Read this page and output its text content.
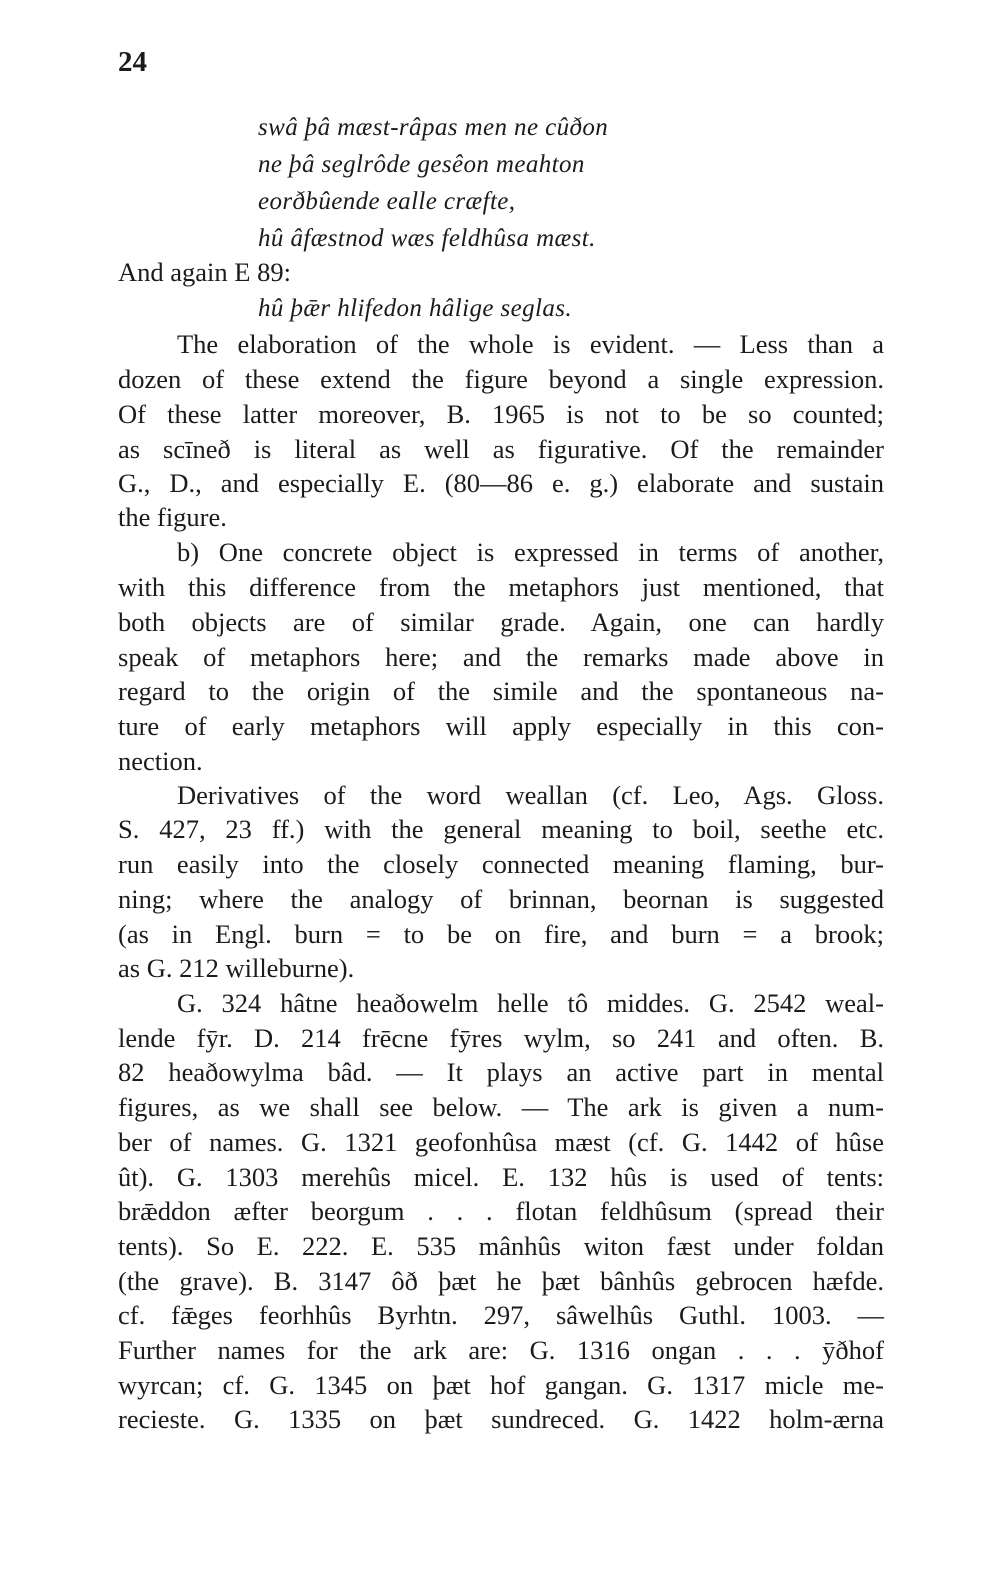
24
swâ þâ mæst-râpas men ne cûðon
ne þâ seglrôde gesêon meahton
eorðbûende ealle cræfte,
hû âfæstnod wæs feldhûsa mæst.
And again E 89:
hû þǣr hlifedon hâlige seglas.
The elaboration of the whole is evident. — Less than a
dozen of these extend the figure beyond a single expression.
Of these latter moreover, B. 1965 is not to be so counted;
as scīneð is literal as well as figurative. Of the remainder
G., D., and especially E. (80—86 e. g.) elaborate and sustain
the figure.
b) One concrete object is expressed in terms of another,
with this difference from the metaphors just mentioned, that
both objects are of similar grade. Again, one can hardly
speak of metaphors here; and the remarks made above in
regard to the origin of the simile and the spontaneous na-
ture of early metaphors will apply especially in this con-
nection.
Derivatives of the word weallan (cf. Leo, Ags. Gloss.
S. 427, 23 ff.) with the general meaning to boil, seethe etc.
run easily into the closely connected meaning flaming, bur-
ning; where the analogy of brinnan, beornan is suggested
(as in Engl. burn = to be on fire, and burn = a brook;
as G. 212 willeburne).
G. 324 hâtne heaðowelm helle tô middes. G. 2542 weal-
lende fȳr. D. 214 frēcne fȳres wylm, so 241 and often. B.
82 heaðowylma bâd. — It plays an active part in mental
figures, as we shall see below. — The ark is given a num-
ber of names. G. 1321 geofonhûsa mæst (cf. G. 1442 of hûse
ût). G. 1303 merehûs micel. E. 132 hûs is used of tents:
brǣddon æfter beorgum . . . flotan feldhûsum (spread their
tents). So E. 222. E. 535 mânhûs witon fæst under foldan
(the grave). B. 3147 ôð þæt he þæt bânhûs gebrocen hæfde.
cf. fǣges feorhhûs Byrhtn. 297, sâwelhûs Guthl. 1003. —
Further names for the ark are: G. 1316 ongan . . . ȳðhof
wyrcan; cf. G. 1345 on þæt hof gangan. G. 1317 micle me-
recieste. G. 1335 on þæt sundreced. G. 1422 holm-ærna
